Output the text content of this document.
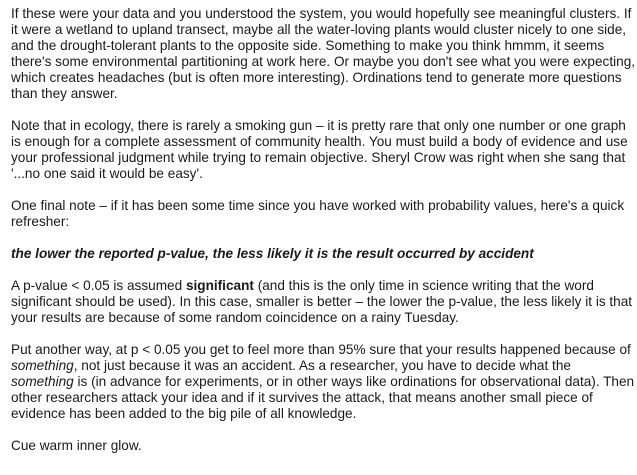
If these were your data and you understood the system, you would hopefully see meaningful clusters. If it were a wetland to upland transect, maybe all the water-loving plants would cluster nicely to one side, and the drought-tolerant plants to the opposite side. Something to make you think hmmm, it seems there's some environmental partitioning at work here. Or maybe you don't see what you were expecting, which creates headaches (but is often more interesting). Ordinations tend to generate more questions than they answer.

Note that in ecology, there is rarely a smoking gun – it is pretty rare that only one number or one graph is enough for a complete assessment of community health. You must build a body of evidence and use your professional judgment while trying to remain objective. Sheryl Crow was right when she sang that '...no one said it would be easy'.

One final note – if it has been some time since you have worked with probability values, here's a quick refresher:

the lower the reported p-value, the less likely it is the result occurred by accident

A p-value < 0.05 is assumed significant (and this is the only time in science writing that the word significant should be used). In this case, smaller is better – the lower the p-value, the less likely it is that your results are because of some random coincidence on a rainy Tuesday.

Put another way, at p < 0.05 you get to feel more than 95% sure that your results happened because of something, not just because it was an accident. As a researcher, you have to decide what the something is (in advance for experiments, or in other ways like ordinations for observational data). Then other researchers attack your idea and if it survives the attack, that means another small piece of evidence has been added to the big pile of all knowledge.

Cue warm inner glow.
